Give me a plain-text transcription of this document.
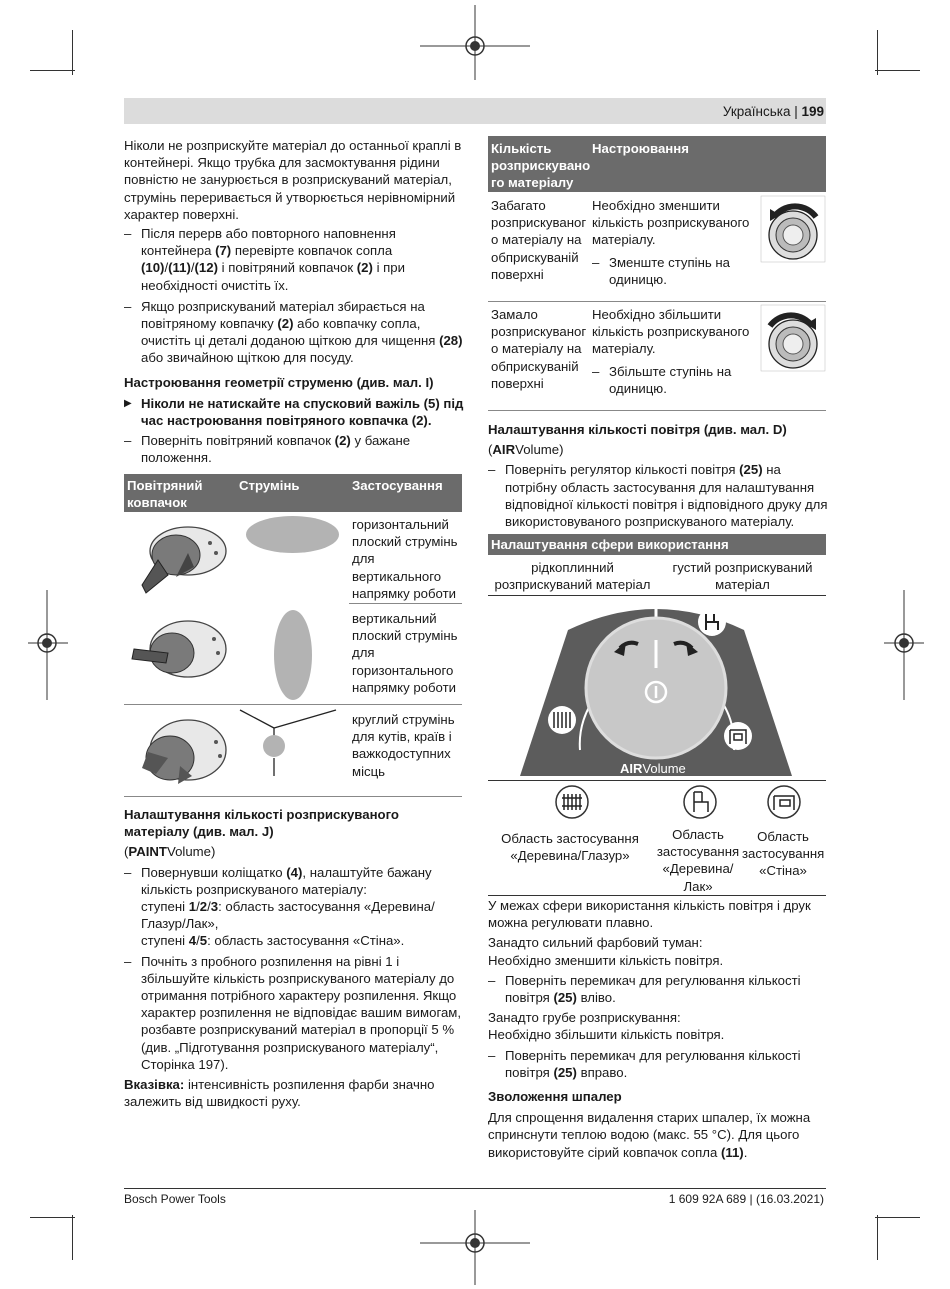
Українська | 199

Ніколи не розприскуйте матеріал до останньої краплі в контейнері. Якщо трубка для засмоктування рідини повністю не занурюється в розприскуваний матеріал, струмінь переривається й утворюється нерівномірний характер поверхні.

– Після перерв або повторного наповнення контейнера (7) перевірте ковпачок сопла (10)/(11)/(12) і повітряний ковпачок (2) і при необхідності очистіть їх.

– Якщо розприскуваний матеріал збирається на повітряному ковпачку (2) або ковпачку сопла, очистіть ці деталі доданою щіткою для чищення (28) або звичайною щіткою для посуду.

Настроювання геометрії струменю (див. мал. I)

▶ Ніколи не натискайте на спусковий важіль (5) під час настроювання повітряного ковпачка (2).

– Поверніть повітряний ковпачок (2) у бажане положення.

Повітряний ковпачок
Струмінь	Застосування
горизонтальний плоский струмінь для вертикального напрямку роботи
вертикальний плоский струмінь для горизонтального напрямку роботи
круглий струмінь для кутів, країв і важкодоступних місць

Налаштування кількості розприскуваного матеріалу (див. мал. J)

(PAINTVolume)

– Повернувши коліщатко (4), налаштуйте бажану кількість розприскуваного матеріалу:
ступені 1/2/3: область застосування «Деревина/Глазур/Лак»,
ступені 4/5: область застосування «Стіна».

– Почніть з пробного розпилення на рівні 1 і збільшуйте кількість розприскуваного матеріалу до отримання потрібного характеру розпилення. Якщо характер розпилення не відповідає вашим вимогам, розбавте розприскуваний матеріал в пропорції 5 % (див. „Підготування розприскуваного матеріалу“, Сторінка 197).

Вказівка: інтенсивність розпилення фарби значно залежить від швидкості руху.

Кількість розприскувано го матеріалу
Настроювання
Забагато розприскуваног о матеріалу на обприскуваній поверхні

Необхідно зменшити кількість розприскуваного матеріалу.

– Зменште ступінь на одиницю.

Замало розприскуваног о матеріалу на обприскуваній поверхні

Необхідно збільшити кількість розприскуваного матеріалу.

– Збільште ступінь на одиницю.

Налаштування кількості повітря (див. мал. D)

(AIRVolume)

– Поверніть регулятор кількості повітря (25) на потрібну область застосування для налаштування відповідної кількості повітря і відповідного друку для використовуваного розприскуваного матеріалу.

Налаштування сфери використання
рідкоплинний розприскуваний матеріал
густий розприскуваний матеріал
AIRVolume
Область застосування «Деревина/Глазур»
Область застосування «Деревина/Лак»
Область застосування «Стіна»

У межах сфери використання кількість повітря і друк можна регулювати плавно.

Занадто сильний фарбовий туман:

Необхідно зменшити кількість повітря.

– Поверніть перемикач для регулювання кількості повітря (25) вліво.

Занадто грубе розприскування:

Необхідно збільшити кількість повітря.

– Поверніть перемикач для регулювання кількості повітря (25) вправо.

Зволоження шпалер

Для спрощення видалення старих шпалер, їх можна спринснути теплою водою (макс. 55 °C). Для цього використовуйте сірий ковпачок сопла (11).

Bosch Power Tools	1 609 92A 689 | (16.03.2021)
